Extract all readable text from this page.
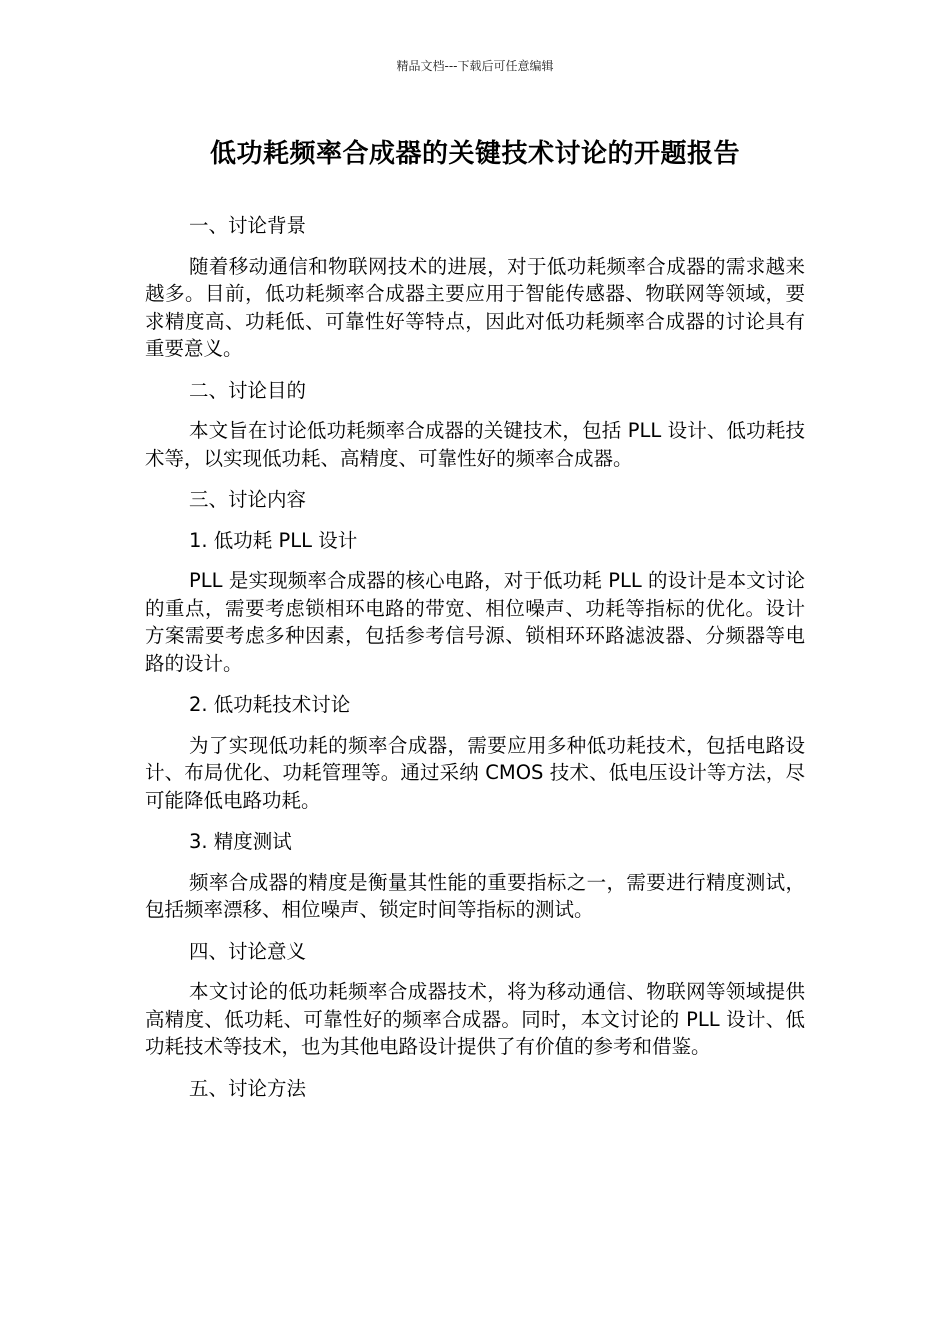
精品文档---下载后可任意编辑
低功耗频率合成器的关键技术讨论的开题报告

一、讨论背景

随着移动通信和物联网技术的进展，对于低功耗频率合成器的需求越来越多。目前，低功耗频率合成器主要应用于智能传感器、物联网等领域，要求精度高、功耗低、可靠性好等特点，因此对低功耗频率合成器的讨论具有重要意义。

二、讨论目的

本文旨在讨论低功耗频率合成器的关键技术，包括 PLL 设计、低功耗技术等，以实现低功耗、高精度、可靠性好的频率合成器。

三、讨论内容

1. 低功耗 PLL 设计

PLL 是实现频率合成器的核心电路，对于低功耗 PLL 的设计是本文讨论的重点，需要考虑锁相环电路的带宽、相位噪声、功耗等指标的优化。设计方案需要考虑多种因素，包括参考信号源、锁相环环路滤波器、分频器等电路的设计。

2. 低功耗技术讨论

为了实现低功耗的频率合成器，需要应用多种低功耗技术，包括电路设计、布局优化、功耗管理等。通过采纳 CMOS 技术、低电压设计等方法，尽可能降低电路功耗。

3. 精度测试

频率合成器的精度是衡量其性能的重要指标之一，需要进行精度测试，包括频率漂移、相位噪声、锁定时间等指标的测试。

四、讨论意义

本文讨论的低功耗频率合成器技术，将为移动通信、物联网等领域提供高精度、低功耗、可靠性好的频率合成器。同时，本文讨论的 PLL 设计、低功耗技术等技术，也为其他电路设计提供了有价值的参考和借鉴。

五、讨论方法
